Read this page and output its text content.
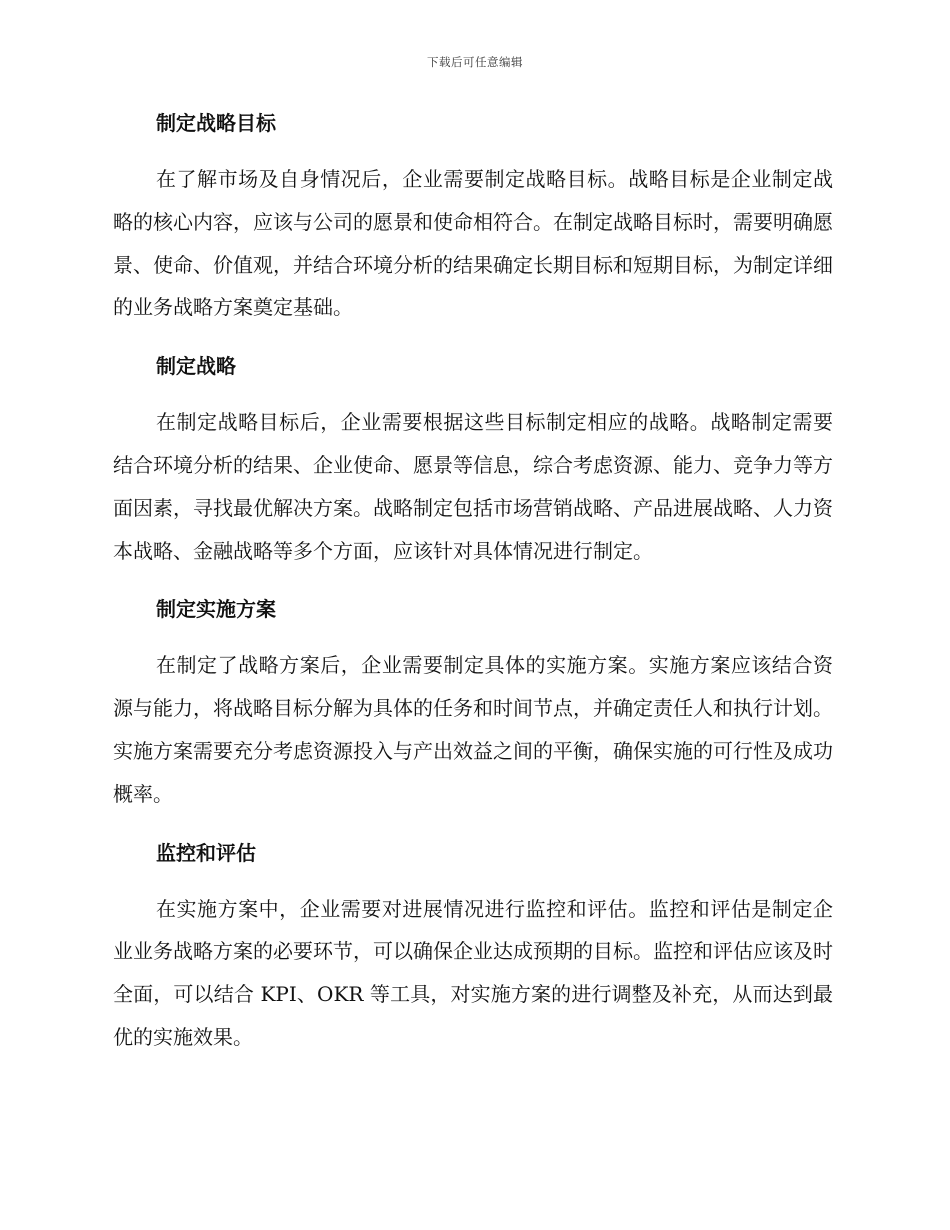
下载后可任意编辑
制定战略目标

在了解市场及自身情况后，企业需要制定战略目标。战略目标是企业制定战略的核心内容，应该与公司的愿景和使命相符合。在制定战略目标时，需要明确愿景、使命、价值观，并结合环境分析的结果确定长期目标和短期目标，为制定详细的业务战略方案奠定基础。

制定战略

在制定战略目标后，企业需要根据这些目标制定相应的战略。战略制定需要结合环境分析的结果、企业使命、愿景等信息，综合考虑资源、能力、竞争力等方面因素，寻找最优解决方案。战略制定包括市场营销战略、产品进展战略、人力资本战略、金融战略等多个方面，应该针对具体情况进行制定。

制定实施方案

在制定了战略方案后，企业需要制定具体的实施方案。实施方案应该结合资源与能力，将战略目标分解为具体的任务和时间节点，并确定责任人和执行计划。实施方案需要充分考虑资源投入与产出效益之间的平衡，确保实施的可行性及成功概率。

监控和评估

在实施方案中，企业需要对进展情况进行监控和评估。监控和评估是制定企业业务战略方案的必要环节，可以确保企业达成预期的目标。监控和评估应该及时全面，可以结合 KPI、OKR 等工具，对实施方案的进行调整及补充，从而达到最优的实施效果。
